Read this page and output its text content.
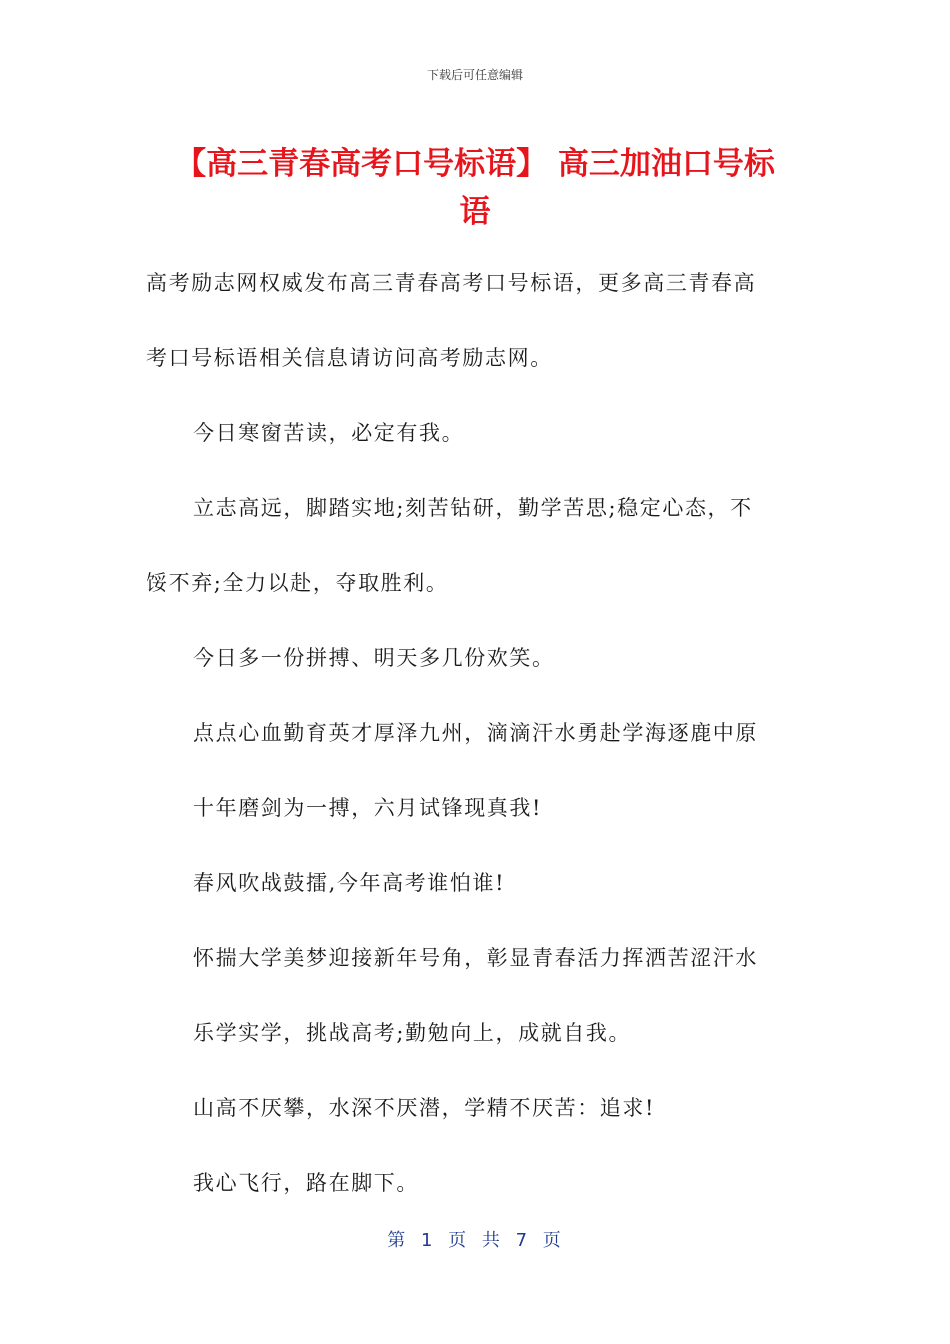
下载后可任意编辑
【高三青春高考口号标语】 高三加油口号标
语

高考励志网权威发布高三青春高考口号标语，更多高三青春高

考口号标语相关信息请访问高考励志网。

今日寒窗苦读，必定有我。

立志高远，脚踏实地;刻苦钻研，勤学苦思;稳定心态，不

馁不弃;全力以赴，夺取胜利。

今日多一份拼搏、明天多几份欢笑。

点点心血勤育英才厚泽九州，滴滴汗水勇赴学海逐鹿中原

十年磨剑为一搏，六月试锋现真我!

春风吹战鼓擂,今年高考谁怕谁!

怀揣大学美梦迎接新年号角，彰显青春活力挥洒苦涩汗水

乐学实学，挑战高考;勤勉向上，成就自我。

山高不厌攀，水深不厌潜，学精不厌苦：追求!

我心飞行，路在脚下。

第 1 页 共 7 页
